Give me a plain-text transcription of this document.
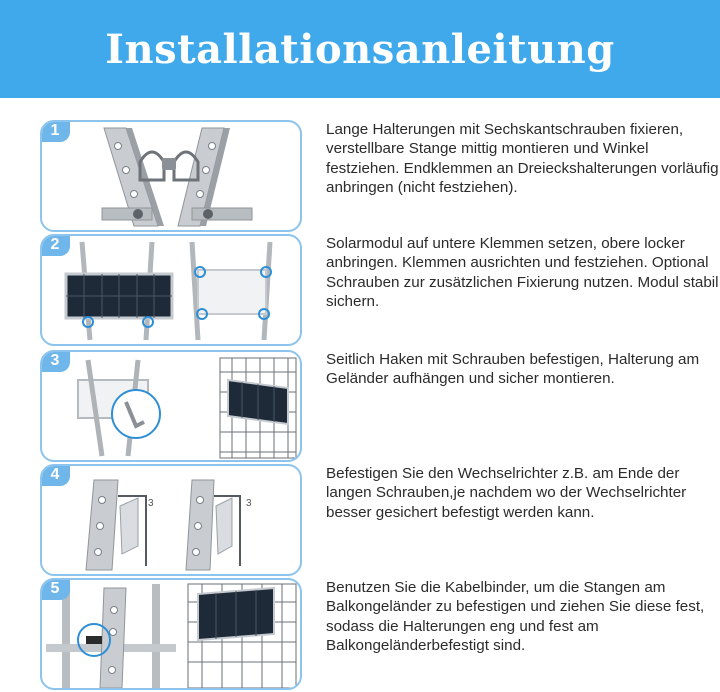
Installationsanleitung
1	Lange Halterungen mit Sechskantschrauben fixieren, verstellbare Stange mittig montieren und Winkel festziehen. Endklemmen an Dreieckshalterungen vorläufig anbringen (nicht festziehen).
2	Solarmodul auf untere Klemmen setzen, obere locker anbringen. Klemmen ausrichten und festziehen. Optional Schrauben zur zusätzlichen Fixierung nutzen. Modul stabil sichern.
3	Seitlich Haken mit Schrauben befestigen, Halterung am Geländer aufhängen und sicher montieren.
3	3
4	Befestigen Sie den Wechselrichter z.B. am Ende der langen Schrauben,je nachdem wo der Wechselrichter besser gesichert befestigt werden kann.
5	Benutzen Sie die Kabelbinder, um die Stangen am Balkongeländer zu befestigen und ziehen Sie diese fest, sodass die Halterungen eng und fest am Balkongeländerbefestigt sind.
